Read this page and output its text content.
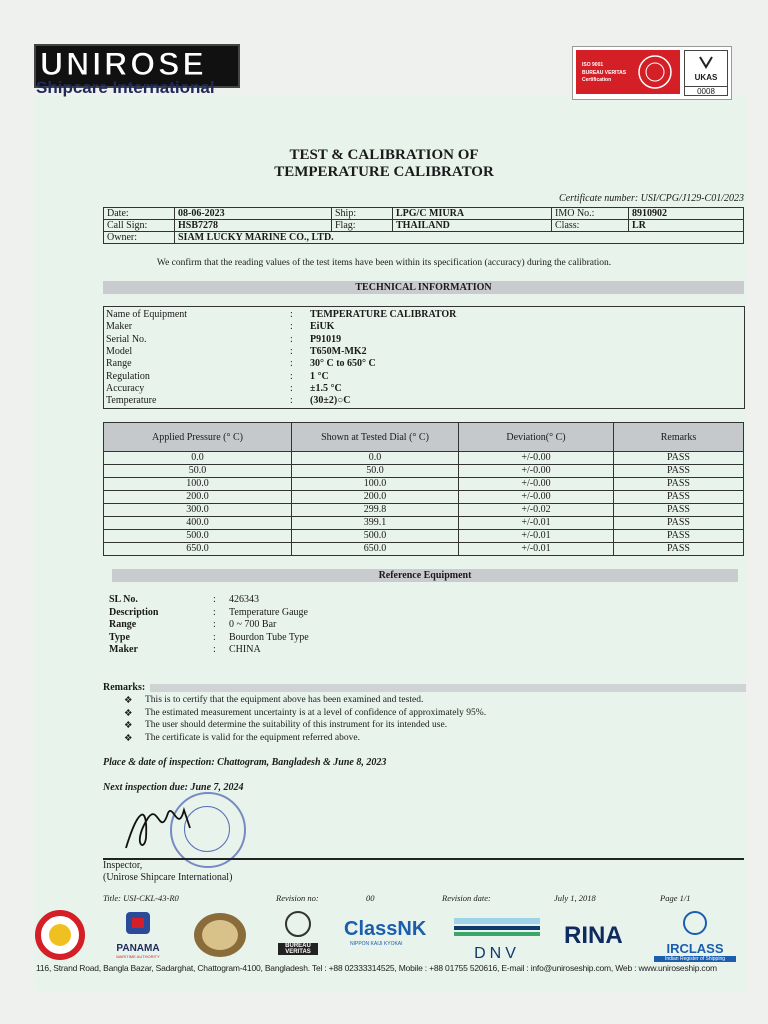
UNIROSE
Shipcare International
ISO 9001
BUREAU VERITAS
Certification	UKAS
0008
TEST & CALIBRATION OF
TEMPERATURE CALIBRATOR
Certificate number: USI/CPG/J129-C01/2023
Date:	08-06-2023	Ship:	LPG/C MIURA	IMO No.:	8910902
Call Sign:	HSB7278	Flag:	THAILAND	Class:	LR
Owner:	SIAM LUCKY MARINE CO., LTD.				
We confirm that the reading values of the test items have been within its specification (accuracy) during the calibration.
TECHNICAL INFORMATION
Name of Equipment	: TEMPERATURE CALIBRATOR
Maker	: EiUK
Serial No.	: P91019
Model	: T650M-MK2
Range	: 30° C to 650° C
Regulation	: 1 °C
Accuracy	: ±1.5 °C
Temperature	: (30±2)○C
Applied Pressure (° C)	Shown at Tested Dial (° C)	Deviation(° C)	Remarks
0.0	0.0	+/-0.00	PASS
50.0	50.0	+/-0.00	PASS
100.0	100.0	+/-0.00	PASS
200.0	200.0	+/-0.00	PASS
300.0	299.8	+/-0.02	PASS
400.0	399.1	+/-0.01	PASS
500.0	500.0	+/-0.01	PASS
650.0	650.0	+/-0.01	PASS
Reference Equipment
SL No.	: 426343
Description	: Temperature Gauge
Range	: 0 ~ 700 Bar
Type	: Bourdon Tube Type
Maker	: CHINA
Remarks:
❖ This is to certify that the equipment above has been examined and tested.
❖ The estimated measurement uncertainty is at a level of confidence of approximately 95%.
❖ The user should determine the suitability of this instrument for its intended use.
❖ The certificate is valid for the equipment referred above.
Place & date of inspection: Chattogram, Bangladesh & June 8, 2023
Next inspection due: June 7, 2024
Inspector,
(Unirose Shipcare International)
Title: USI-CKL-43-R0	Revision no:	00	Revision date:	July 1, 2018	Page 1/1
PANAMA
MARITIME AUTHORITY
BUREAU
VERITAS
ClassNK
NIPPON KAIJI KYOKAI
DNV
RINA	IRCLASS
Indian Register of Shipping
116, Strand Road, Bangla Bazar, Sadarghat, Chattogram-4100, Bangladesh. Tel : +88 02333314525, Mobile : +88 01755 520616, E-mail : info@uniroseship.com, Web : www.uniroseship.com
